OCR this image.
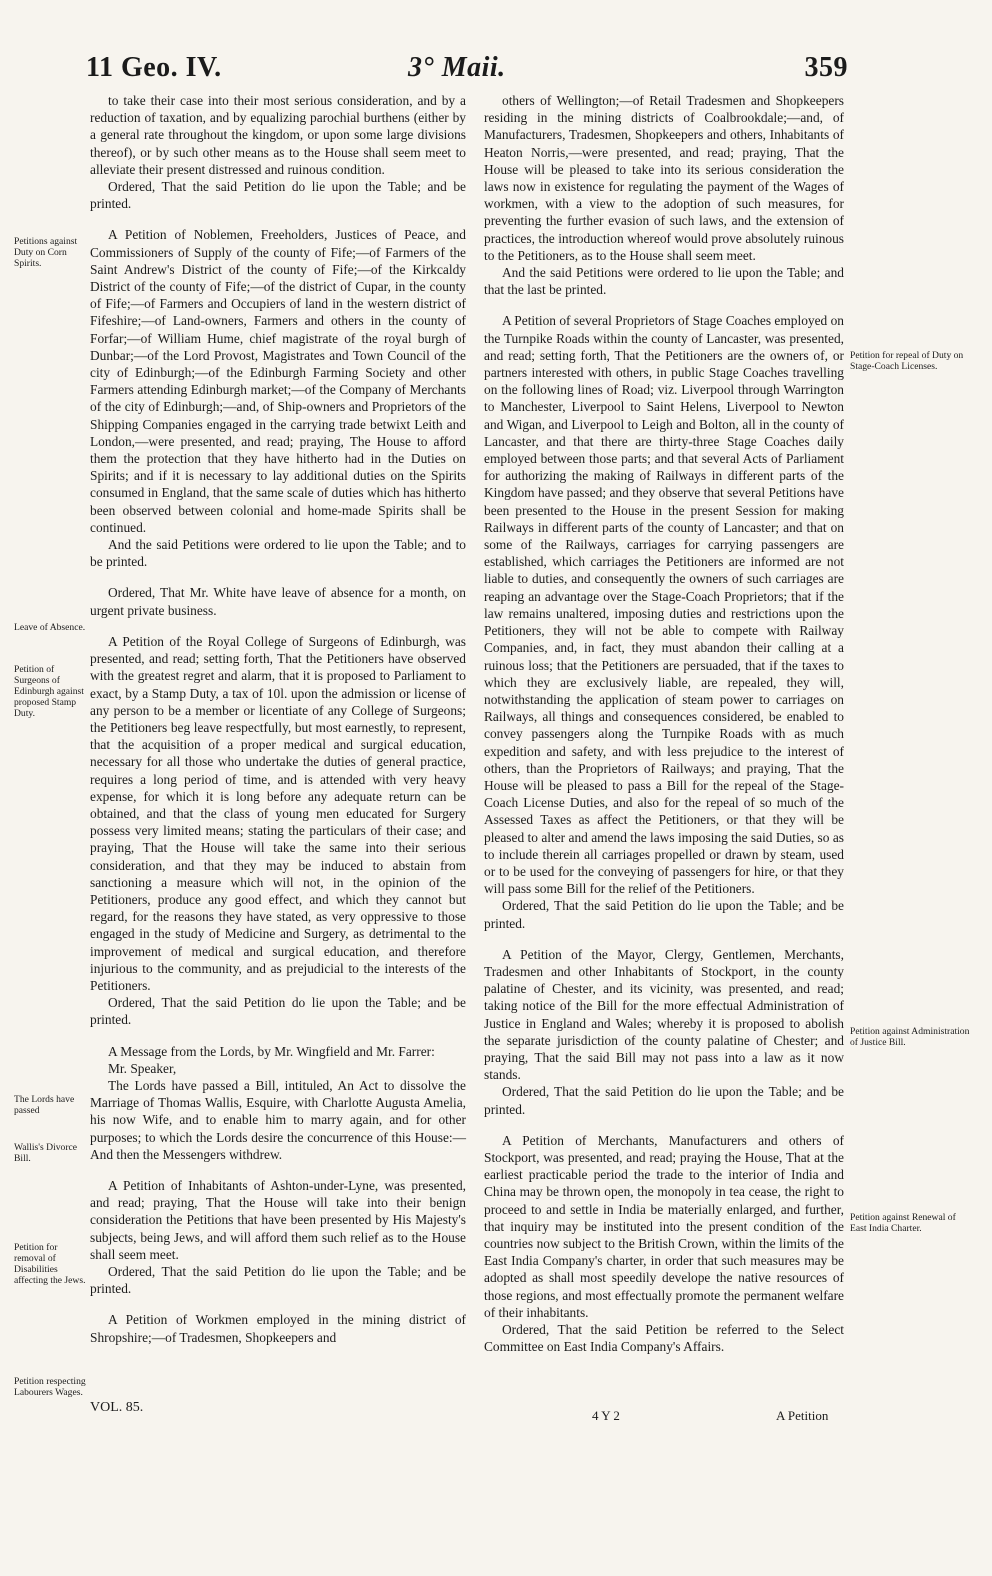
11 Geo. IV.	3° Maii.	359

to take their case into their most serious consideration, and by a reduction of taxation, and by equalizing parochial burthens (either by a general rate throughout the kingdom, or upon some large divisions thereof), or by such other means as to the House shall seem meet to alleviate their present distressed and ruinous condition.

Ordered, That the said Petition do lie upon the Table; and be printed.

A Petition of Noblemen, Freeholders, Justices of Peace, and Commissioners of Supply of the county of Fife;—of Farmers of the Saint Andrew's District of the county of Fife;—of the Kirkcaldy District of the county of Fife;—of the district of Cupar, in the county of Fife;—of Farmers and Occupiers of land in the western district of Fifeshire;—of Land-owners, Farmers and others in the county of Forfar;—of William Hume, chief magistrate of the royal burgh of Dunbar;—of the Lord Provost, Magistrates and Town Council of the city of Edinburgh;—of the Edinburgh Farming Society and other Farmers attending Edinburgh market;—of the Company of Merchants of the city of Edinburgh;—and, of Ship-owners and Proprietors of the Shipping Companies engaged in the carrying trade betwixt Leith and London,—were presented, and read; praying, The House to afford them the protection that they have hitherto had in the Duties on Spirits; and if it is necessary to lay additional duties on the Spirits consumed in England, that the same scale of duties which has hitherto been observed between colonial and home-made Spirits shall be continued.

And the said Petitions were ordered to lie upon the Table; and to be printed.

Ordered, That Mr. White have leave of absence for a month, on urgent private business.

A Petition of the Royal College of Surgeons of Edinburgh, was presented, and read; setting forth, That the Petitioners have observed with the greatest regret and alarm, that it is proposed to Parliament to exact, by a Stamp Duty, a tax of 10l. upon the admission or license of any person to be a member or licentiate of any College of Surgeons; the Petitioners beg leave respectfully, but most earnestly, to represent, that the acquisition of a proper medical and surgical education, necessary for all those who undertake the duties of general practice, requires a long period of time, and is attended with very heavy expense, for which it is long before any adequate return can be obtained, and that the class of young men educated for Surgery possess very limited means; stating the particulars of their case; and praying, That the House will take the same into their serious consideration, and that they may be induced to abstain from sanctioning a measure which will not, in the opinion of the Petitioners, produce any good effect, and which they cannot but regard, for the reasons they have stated, as very oppressive to those engaged in the study of Medicine and Surgery, as detrimental to the improvement of medical and surgical education, and therefore injurious to the community, and as prejudicial to the interests of the Petitioners.

Ordered, That the said Petition do lie upon the Table; and be printed.

A Message from the Lords, by Mr. Wingfield and Mr. Farrer:

Mr. Speaker,

The Lords have passed a Bill, intituled, An Act to dissolve the Marriage of Thomas Wallis, Esquire, with Charlotte Augusta Amelia, his now Wife, and to enable him to marry again, and for other purposes; to which the Lords desire the concurrence of this House:—And then the Messengers withdrew.

A Petition of Inhabitants of Ashton-under-Lyne, was presented, and read; praying, That the House will take into their benign consideration the Petitions that have been presented by His Majesty's subjects, being Jews, and will afford them such relief as to the House shall seem meet.

Ordered, That the said Petition do lie upon the Table; and be printed.

A Petition of Workmen employed in the mining district of Shropshire;—of Tradesmen, Shopkeepers and

others of Wellington;—of Retail Tradesmen and Shopkeepers residing in the mining districts of Coalbrookdale;—and, of Manufacturers, Tradesmen, Shopkeepers and others, Inhabitants of Heaton Norris,—were presented, and read; praying, That the House will be pleased to take into its serious consideration the laws now in existence for regulating the payment of the Wages of workmen, with a view to the adoption of such measures, for preventing the further evasion of such laws, and the extension of practices, the introduction whereof would prove absolutely ruinous to the Petitioners, as to the House shall seem meet.

And the said Petitions were ordered to lie upon the Table; and that the last be printed.

A Petition of several Proprietors of Stage Coaches employed on the Turnpike Roads within the county of Lancaster, was presented, and read; setting forth, That the Petitioners are the owners of, or partners interested with others, in public Stage Coaches travelling on the following lines of Road; viz. Liverpool through Warrington to Manchester, Liverpool to Saint Helens, Liverpool to Newton and Wigan, and Liverpool to Leigh and Bolton, all in the county of Lancaster, and that there are thirty-three Stage Coaches daily employed between those parts; and that several Acts of Parliament for authorizing the making of Railways in different parts of the Kingdom have passed; and they observe that several Petitions have been presented to the House in the present Session for making Railways in different parts of the county of Lancaster; and that on some of the Railways, carriages for carrying passengers are established, which carriages the Petitioners are informed are not liable to duties, and consequently the owners of such carriages are reaping an advantage over the Stage-Coach Proprietors; that if the law remains unaltered, imposing duties and restrictions upon the Petitioners, they will not be able to compete with Railway Companies, and, in fact, they must abandon their calling at a ruinous loss; that the Petitioners are persuaded, that if the taxes to which they are exclusively liable, are repealed, they will, notwithstanding the application of steam power to carriages on Railways, all things and consequences considered, be enabled to convey passengers along the Turnpike Roads with as much expedition and safety, and with less prejudice to the interest of others, than the Proprietors of Railways; and praying, That the House will be pleased to pass a Bill for the repeal of the Stage-Coach License Duties, and also for the repeal of so much of the Assessed Taxes as affect the Petitioners, or that they will be pleased to alter and amend the laws imposing the said Duties, so as to include therein all carriages propelled or drawn by steam, used or to be used for the conveying of passengers for hire, or that they will pass some Bill for the relief of the Petitioners.

Ordered, That the said Petition do lie upon the Table; and be printed.

A Petition of the Mayor, Clergy, Gentlemen, Merchants, Tradesmen and other Inhabitants of Stockport, in the county palatine of Chester, and its vicinity, was presented, and read; taking notice of the Bill for the more effectual Administration of Justice in England and Wales; whereby it is proposed to abolish the separate jurisdiction of the county palatine of Chester; and praying, That the said Bill may not pass into a law as it now stands.

Ordered, That the said Petition do lie upon the Table; and be printed.

A Petition of Merchants, Manufacturers and others of Stockport, was presented, and read; praying the House, That at the earliest practicable period the trade to the interior of India and China may be thrown open, the monopoly in tea cease, the right to proceed to and settle in India be materially enlarged, and further, that inquiry may be instituted into the present condition of the countries now subject to the British Crown, within the limits of the East India Company's charter, in order that such measures may be adopted as shall most speedily develope the native resources of those regions, and most effectually promote the permanent welfare of their inhabitants.

Ordered, That the said Petition be referred to the Select Committee on East India Company's Affairs.

Petitions against Duty on Corn Spirits.
Leave of Absence.
Petition of Surgeons of Edinburgh against proposed Stamp Duty.
The Lords have passed
Wallis's Divorce Bill.
Petition for removal of Disabilities affecting the Jews.
Petition respecting Labourers Wages.
Petition for repeal of Duty on Stage-Coach Licenses.
Petition against Administration of Justice Bill.
Petition against Renewal of East India Charter.
VOL. 85.
4 Y 2	A Petition
